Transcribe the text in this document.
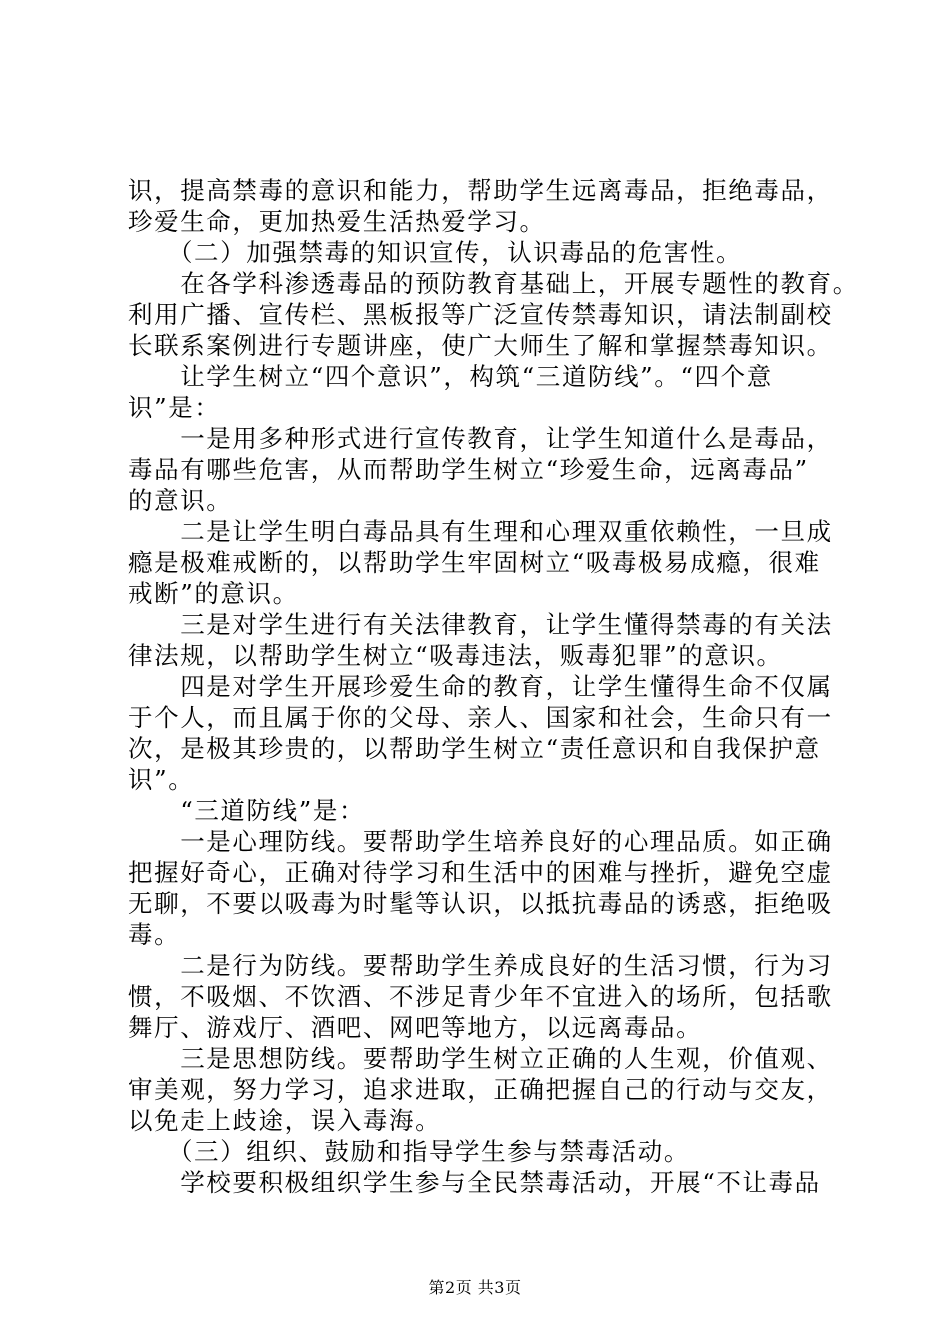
识，提高禁毒的意识和能力，帮助学生远离毒品，拒绝毒品，
珍爱生命，更加热爱生活热爱学习。
　　（二）加强禁毒的知识宣传，认识毒品的危害性。
　　在各学科渗透毒品的预防教育基础上，开展专题性的教育。
利用广播、宣传栏、黑板报等广泛宣传禁毒知识，请法制副校
长联系案例进行专题讲座，使广大师生了解和掌握禁毒知识。
　　让学生树立“四个意识”，构筑“三道防线”。“四个意
识”是：
　　一是用多种形式进行宣传教育，让学生知道什么是毒品，
毒品有哪些危害，从而帮助学生树立“珍爱生命，远离毒品”
的意识。
　　二是让学生明白毒品具有生理和心理双重依赖性，一旦成
瘾是极难戒断的，以帮助学生牢固树立“吸毒极易成瘾，很难
戒断”的意识。
　　三是对学生进行有关法律教育，让学生懂得禁毒的有关法
律法规，以帮助学生树立“吸毒违法，贩毒犯罪”的意识。
　　四是对学生开展珍爱生命的教育，让学生懂得生命不仅属
于个人，而且属于你的父母、亲人、国家和社会，生命只有一
次，是极其珍贵的，以帮助学生树立“责任意识和自我保护意
识”。
　　“三道防线”是：
　　一是心理防线。要帮助学生培养良好的心理品质。如正确
把握好奇心，正确对待学习和生活中的困难与挫折，避免空虚
无聊，不要以吸毒为时髦等认识，以抵抗毒品的诱惑，拒绝吸
毒。
　　二是行为防线。要帮助学生养成良好的生活习惯，行为习
惯，不吸烟、不饮酒、不涉足青少年不宜进入的场所，包括歌
舞厅、游戏厅、酒吧、网吧等地方，以远离毒品。
　　三是思想防线。要帮助学生树立正确的人生观，价值观、
审美观，努力学习，追求进取，正确把握自己的行动与交友，
以免走上歧途，误入毒海。
　　（三）组织、鼓励和指导学生参与禁毒活动。
　　学校要积极组织学生参与全民禁毒活动，开展“不让毒品
第2页 共3页
